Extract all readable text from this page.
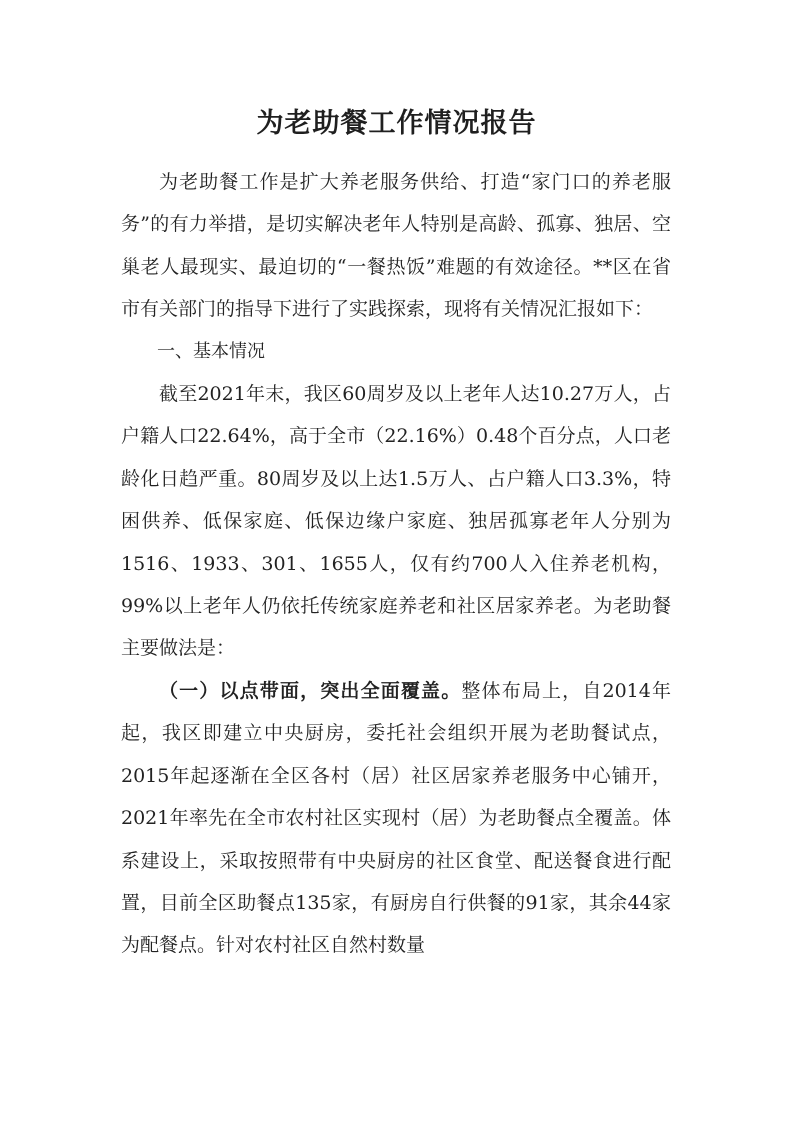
为老助餐工作情况报告

为老助餐工作是扩大养老服务供给、打造“家门口的养老服务”的有力举措，是切实解决老年人特别是高龄、孤寡、独居、空巢老人最现实、最迫切的“一餐热饭”难题的有效途径。**区在省市有关部门的指导下进行了实践探索，现将有关情况汇报如下：

一、基本情况

截至2021年末，我区60周岁及以上老年人达10.27万人，占户籍人口22.64%，高于全市（22.16%）0.48个百分点，人口老龄化日趋严重。80周岁及以上达1.5万人、占户籍人口3.3%，特困供养、低保家庭、低保边缘户家庭、独居孤寡老年人分别为1516、1933、301、1655人，仅有约700人入住养老机构，99%以上老年人仍依托传统家庭养老和社区居家养老。为老助餐主要做法是：

（一）以点带面，突出全面覆盖。整体布局上，自2014年起，我区即建立中央厨房，委托社会组织开展为老助餐试点，2015年起逐渐在全区各村（居）社区居家养老服务中心铺开，2021年率先在全市农村社区实现村（居）为老助餐点全覆盖。体系建设上，采取按照带有中央厨房的社区食堂、配送餐食进行配置，目前全区助餐点135家，有厨房自行供餐的91家，其余44家为配餐点。针对农村社区自然村数量
